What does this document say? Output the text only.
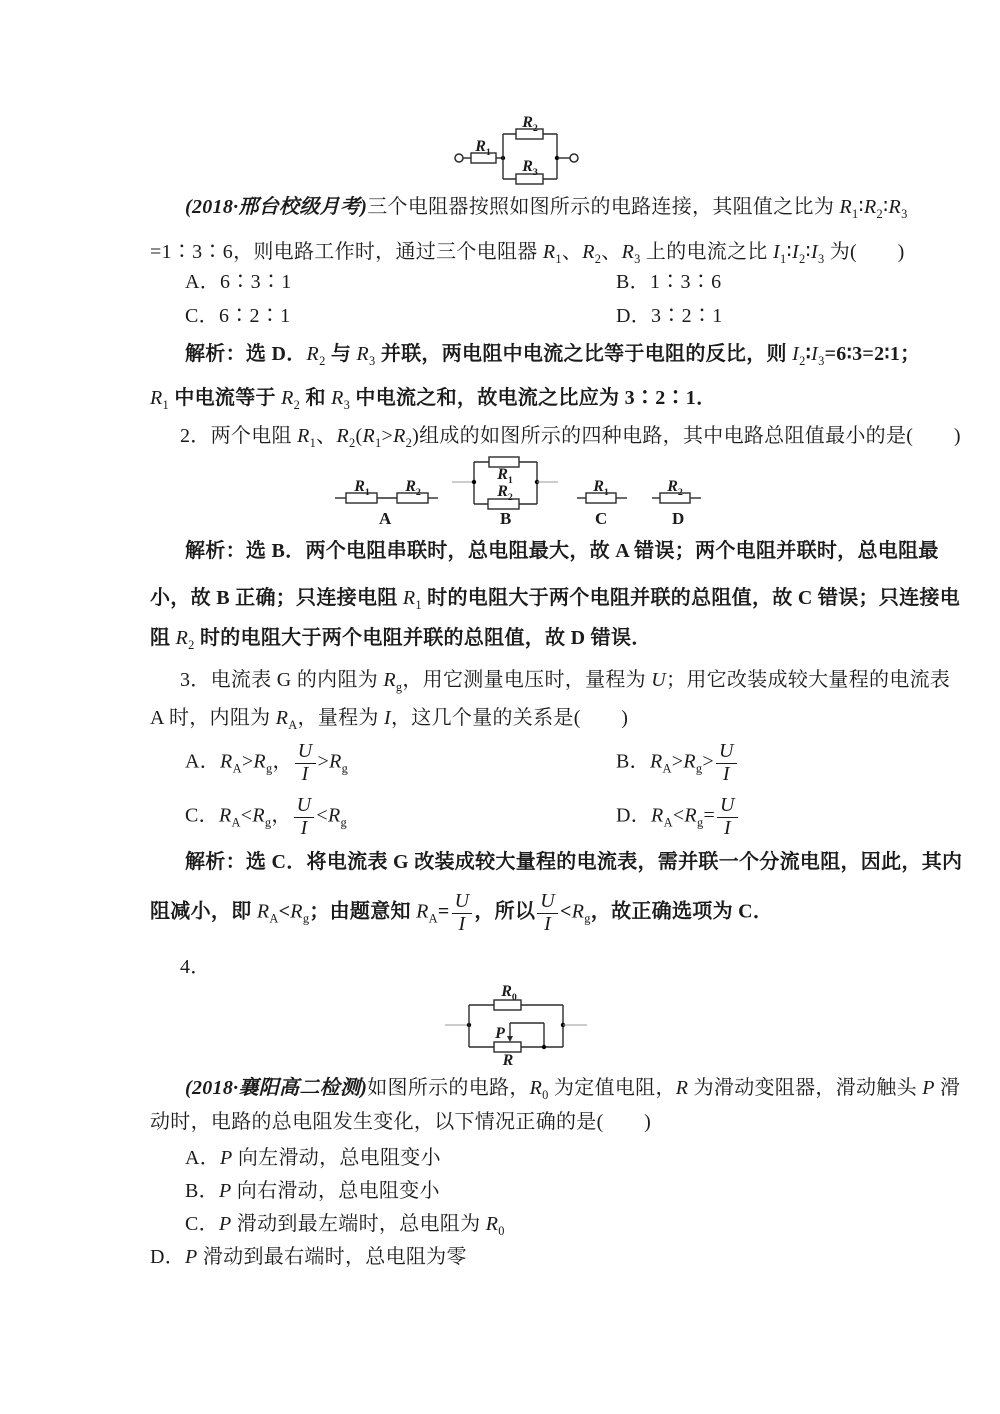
$R_1$
$R_2$
$R_3$
(2018·邢台校级月考)三个电阻器按照如图所示的电路连接，其阻值之比为 $R_1∶R_2∶R_3$
=1∶3∶6，则电路工作时，通过三个电阻器 $R_1$、$R_2$、$R_3$ 上的电流之比 $I_1∶I_2∶I_3$ 为(　　)
A．6∶3∶1	B．1∶3∶6
C．6∶2∶1	D．3∶2∶1
解析：选 D．$R_2$ 与 $R_3$ 并联，两电阻中电流之比等于电阻的反比，则 $I_2∶I_3=6∶3=2∶1$；
$R_1$ 中电流等于 $R_2$ 和 $R_3$ 中电流之和，故电流之比应为 3∶2∶1．
2．两个电阻 $R_1$、$R_2(R_1>R_2)$组成的如图所示的四种电路，其中电路总阻值最小的是(　　)
$R_1$	$R_2$
$R_1$
$R_2$
$R_1$	$R_2$
A	B	C	D
解析：选 B．两个电阻串联时，总电阻最大，故 A 错误；两个电阻并联时，总电阻最
小，故 B 正确；只连接电阻 $R_1$ 时的电阻大于两个电阻并联的总阻值，故 C 错误；只连接电
阻 $R_2$ 时的电阻大于两个电阻并联的总阻值，故 D 错误．
3．电流表 G 的内阻为 $R_g$，用它测量电压时，量程为 U；用它改装成较大量程的电流表
A 时，内阻为 $R_A$，量程为 I，这几个量的关系是(　　)
A．$R_A>R_g$， $\frac{U}{I} >R_g$	B．$R_A>R_g> \frac{U}{I}$
C．$R_A<R_g$， $\frac{U}{I} <R_g$	D．$R_A<R_g= \frac{U}{I}$
解析：选 C．将电流表 G 改装成较大量程的电流表，需并联一个分流电阻，因此，其内
阻减小，即 $R_A<R_g$；由题意知 $R_A= \frac{U}{I}$ ，所以 $\frac{U}{I} <R_g$，故正确选项为 C．
4．
$R_0$
P
R
(2018·襄阳高二检测)如图所示的电路，$R_0$ 为定值电阻，R 为滑动变阻器，滑动触头 P 滑
动时，电路的总电阻发生变化，以下情况正确的是(　　)
A．P 向左滑动，总电阻变小
B．P 向右滑动，总电阻变小
C．P 滑动到最左端时，总电阻为 $R_0$
D．P 滑动到最右端时，总电阻为零
